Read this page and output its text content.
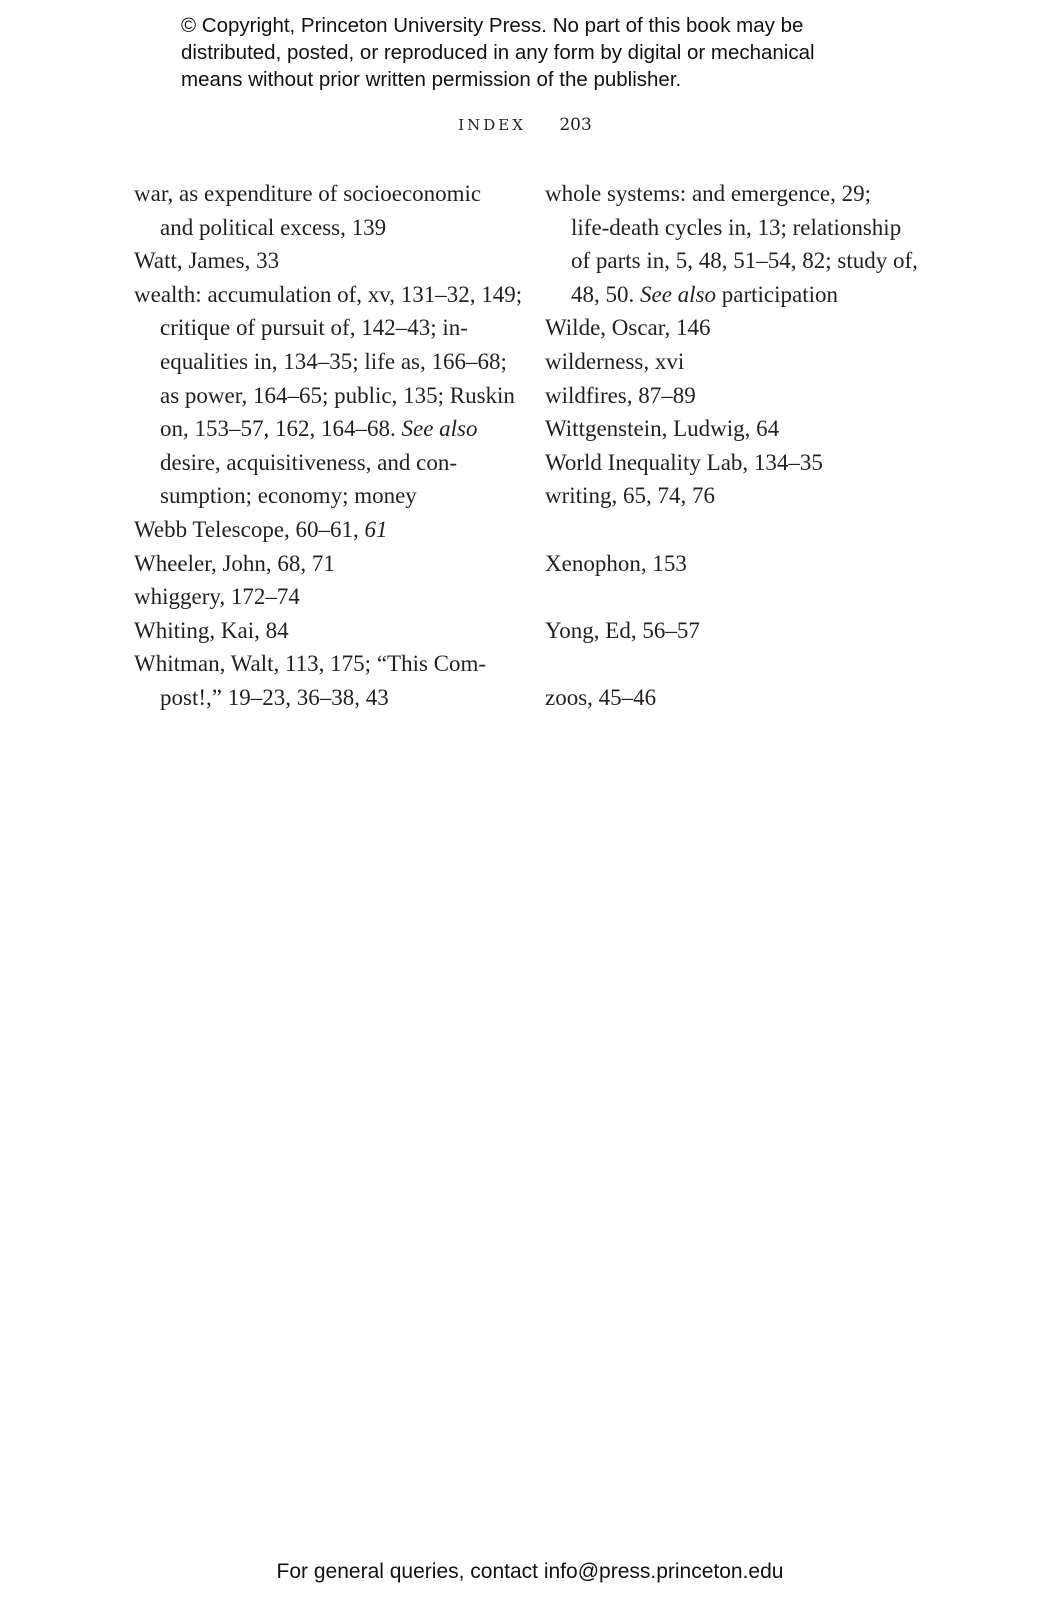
© Copyright, Princeton University Press. No part of this book may be
distributed, posted, or reproduced in any form by digital or mechanical
means without prior written permission of the publisher.
INDEX 203
war, as expenditure of socioeconomic
and political excess, 139
Watt, James, 33
wealth: accumulation of, xv, 131–32, 149;
critique of pursuit of, 142–43; in-
equalities in, 134–35; life as, 166–68;
as power, 164–65; public, 135; Ruskin
on, 153–57, 162, 164–68. See also
desire, acquisitiveness, and con-
sumption; economy; money
Webb Telescope, 60–61, 61
Wheeler, John, 68, 71
whiggery, 172–74
Whiting, Kai, 84
Whitman, Walt, 113, 175; “This Com-
post!,” 19–23, 36–38, 43
whole systems: and emergence, 29;
life-death cycles in, 13; relationship
of parts in, 5, 48, 51–54, 82; study of,
48, 50. See also participation
Wilde, Oscar, 146
wilderness, xvi
wildfires, 87–89
Wittgenstein, Ludwig, 64
World Inequality Lab, 134–35
writing, 65, 74, 76
Xenophon, 153
Yong, Ed, 56–57
zoos, 45–46
For general queries, contact info@press.princeton.edu
